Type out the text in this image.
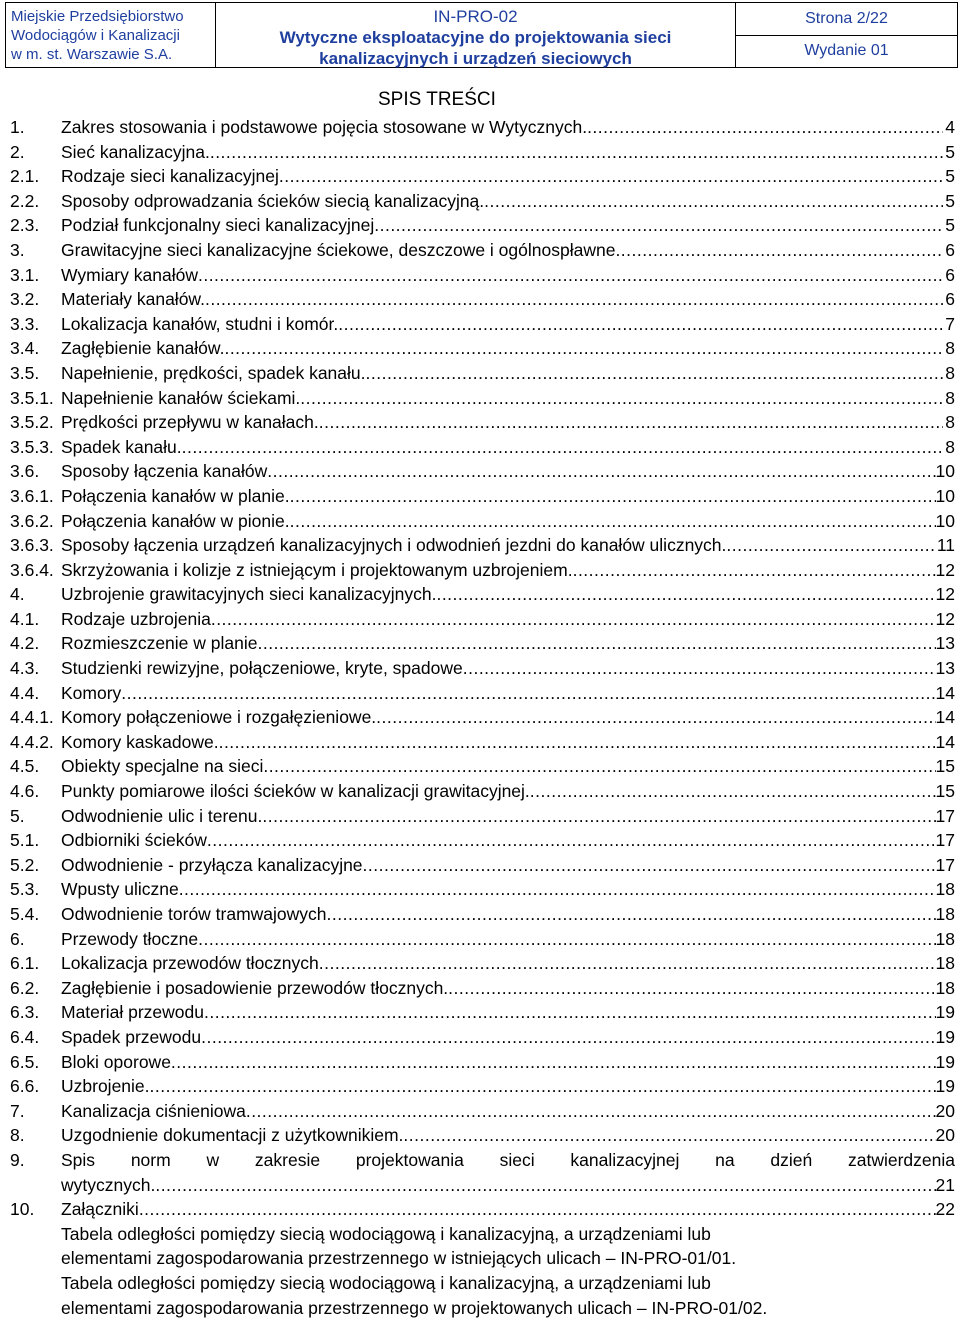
Miejskie Przedsiębiorstwo
Wodociągów i Kanalizacji
w m. st. Warszawie S.A.
IN-PRO-02
Wytyczne eksploatacyjne do projektowania sieci
kanalizacyjnych i urządzeń sieciowych
Strona 2/22
Wydanie 01
SPIS TREŚCI
1.	Zakres stosowania i podstawowe pojęcia stosowane w Wytycznych. .....	4
2.	Sieć kanalizacyjna. .....	5
2.1.	Rodzaje sieci kanalizacyjnej .....	5
2.2.	Sposoby odprowadzania ścieków siecią kanalizacyjną. .....	5
2.3.	Podział funkcjonalny sieci kanalizacyjnej .....	5
3.	Grawitacyjne sieci kanalizacyjne ściekowe, deszczowe i ogólnospławne .....	6
3.1.	Wymiary kanałów .....	6
3.2.	Materiały kanałów. .....	6
3.3.	Lokalizacja kanałów, studni i komór. .....	7
3.4.	Zagłębienie kanałów. .....	8
3.5.	Napełnienie, prędkości, spadek kanału. .....	8
3.5.1. Napełnienie kanałów ściekami. .....	8
3.5.2. Prędkości przepływu w kanałach. .....	8
3.5.3. Spadek kanału. .....	8
3.6.	Sposoby łączenia kanałów .....	10
3.6.1. Połączenia kanałów w planie. .....	10
3.6.2. Połączenia kanałów w pionie. .....	10
3.6.3. Sposoby łączenia urządzeń kanalizacyjnych i odwodnień jezdni do kanałów ulicznych. .....	11
3.6.4. Skrzyżowania i kolizje z istniejącym i projektowanym uzbrojeniem. .....	12
4.	Uzbrojenie grawitacyjnych sieci kanalizacyjnych. .....	12
4.1.	Rodzaje uzbrojenia .....	12
4.2.	Rozmieszczenie w planie .....	13
4.3.	Studzienki rewizyjne, połączeniowe, kryte, spadowe .....	13
4.4.	Komory .....	14
4.4.1. Komory połączeniowe i rozgałęzieniowe. .....	14
4.4.2. Komory kaskadowe. .....	14
4.5.	Obiekty specjalne na sieci .....	15
4.6.	Punkty pomiarowe ilości ścieków w kanalizacji grawitacyjnej. .....	15
5.	Odwodnienie ulic i terenu. .....	17
5.1.	Odbiorniki ścieków .....	17
5.2.	Odwodnienie - przyłącza kanalizacyjne .....	17
5.3.	Wpusty uliczne .....	18
5.4.	Odwodnienie torów tramwajowych .....	18
6.	Przewody tłoczne .....	18
6.1.	Lokalizacja przewodów tłocznych .....	18
6.2.	Zagłębienie i posadowienie przewodów tłocznych. .....	18
6.3.	Materiał przewodu .....	19
6.4.	Spadek przewodu .....	19
6.5.	Bloki oporowe .....	19
6.6.	Uzbrojenie. .....	19
7.	Kanalizacja ciśnieniowa .....	20
8.	Uzgodnienie dokumentacji z użytkownikiem. .....	20
9.	Spis norm w zakresie projektowania sieci kanalizacyjnej na dzień zatwierdzenia
wytycznych. .....	21
10.	Załączniki .....	22
Tabela odległości pomiędzy siecią wodociągową i kanalizacyjną, a urządzeniami lub
elementami zagospodarowania przestrzennego w istniejących ulicach – IN-PRO-01/01.
Tabela odległości pomiędzy siecią wodociągową i kanalizacyjną, a urządzeniami lub
elementami zagospodarowania przestrzennego w projektowanych ulicach – IN-PRO-01/02.
